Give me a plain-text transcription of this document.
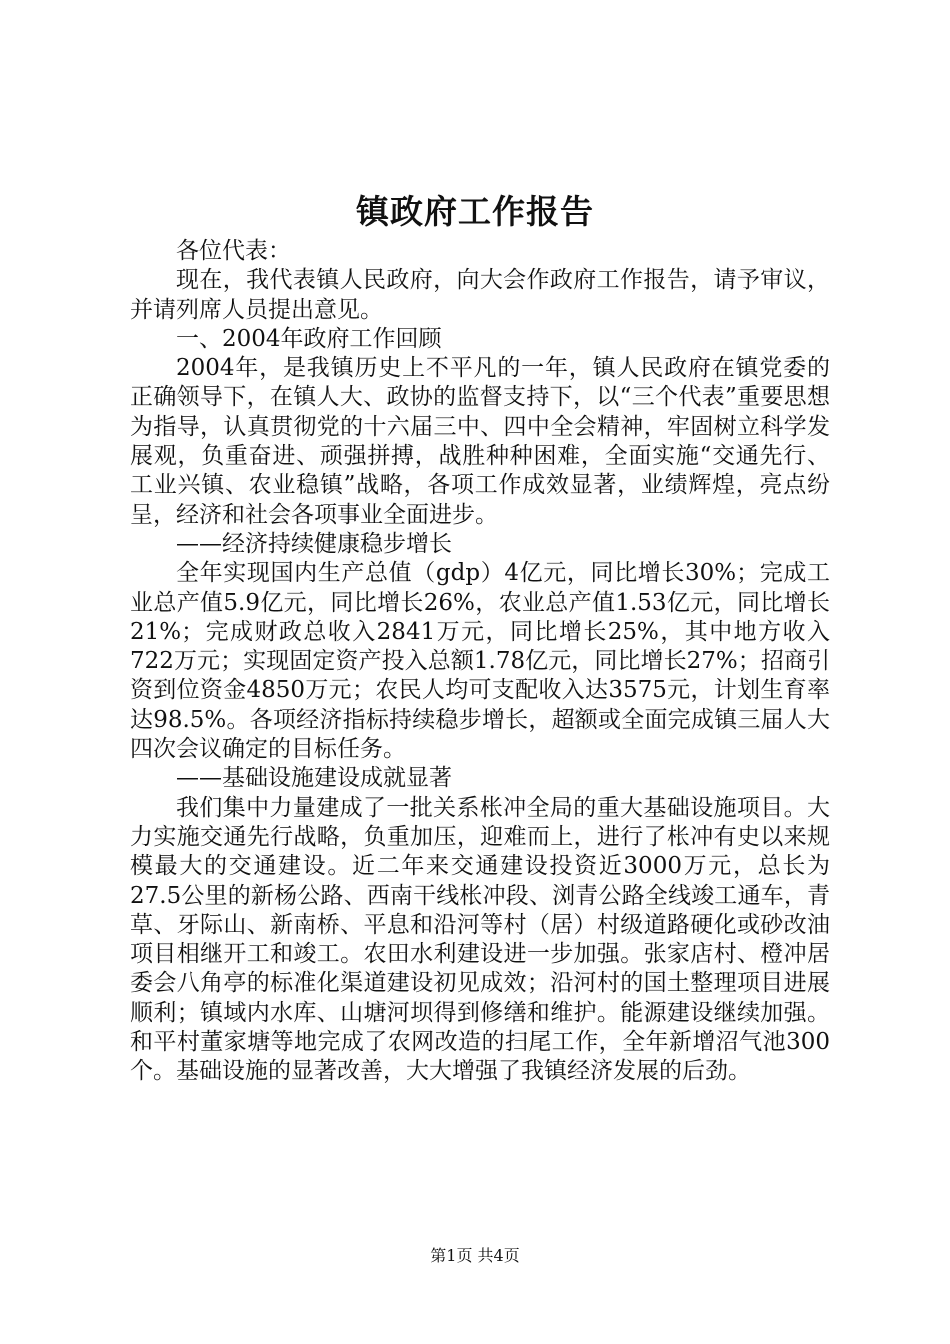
镇政府工作报告

各位代表：

现在，我代表镇人民政府，向大会作政府工作报告，请予审议，并请列席人员提出意见。

一、2004年政府工作回顾

2004年，是我镇历史上不平凡的一年，镇人民政府在镇党委的正确领导下，在镇人大、政协的监督支持下，以“三个代表”重要思想为指导，认真贯彻党的十六届三中、四中全会精神，牢固树立科学发展观，负重奋进、顽强拼搏，战胜种种困难，全面实施“交通先行、工业兴镇、农业稳镇”战略，各项工作成效显著，业绩辉煌，亮点纷呈，经济和社会各项事业全面进步。

——经济持续健康稳步增长

全年实现国内生产总值（gdp）4亿元，同比增长30%；完成工业总产值5.9亿元，同比增长26%，农业总产值1.53亿元，同比增长21%；完成财政总收入2841万元，同比增长25%，其中地方收入722万元；实现固定资产投入总额1.78亿元，同比增长27%；招商引资到位资金4850万元；农民人均可支配收入达3575元，计划生育率达98.5%。各项经济指标持续稳步增长，超额或全面完成镇三届人大四次会议确定的目标任务。

——基础设施建设成就显著

我们集中力量建成了一批关系枨冲全局的重大基础设施项目。大力实施交通先行战略，负重加压，迎难而上，进行了枨冲有史以来规模最大的交通建设。近二年来交通建设投资近3000万元，总长为27.5公里的新杨公路、西南干线枨冲段、浏青公路全线竣工通车，青草、牙际山、新南桥、平息和沿河等村（居）村级道路硬化或砂改油项目相继开工和竣工。农田水利建设进一步加强。张家店村、橙冲居委会八角亭的标准化渠道建设初见成效；沿河村的国土整理项目进展顺利；镇域内水库、山塘河坝得到修缮和维护。能源建设继续加强。和平村董家塘等地完成了农网改造的扫尾工作，全年新增沼气池300个。基础设施的显著改善，大大增强了我镇经济发展的后劲。

第1页 共4页
